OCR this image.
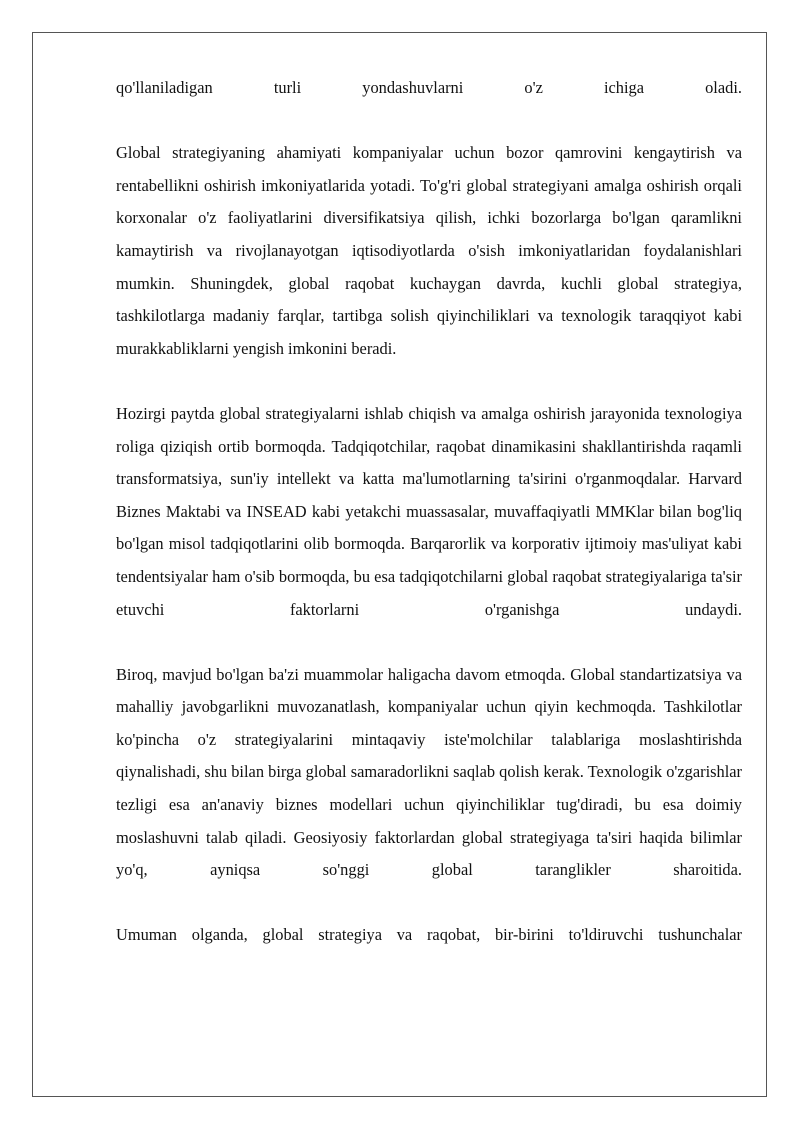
qo'llaniladigan turli yondashuvlarni o'z ichiga oladi.

Global strategiyaning ahamiyati kompaniyalar uchun bozor qamrovini kengaytirish va rentabellikni oshirish imkoniyatlarida yotadi. To'g'ri global strategiyani amalga oshirish orqali korxonalar o'z faoliyatlarini diversifikatsiya qilish, ichki bozorlarga bo'lgan qaramlikni kamaytirish va rivojlanayotgan iqtisodiyotlarda o'sish imkoniyatlaridan foydalanishlari mumkin. Shuningdek, global raqobat kuchaygan davrda, kuchli global strategiya, tashkilotlarga madaniy farqlar, tartibga solish qiyinchiliklari va texnologik taraqqiyot kabi murakkabliklarni yengish imkonini beradi.

Hozirgi paytda global strategiyalarni ishlab chiqish va amalga oshirish jarayonida texnologiya roliga qiziqish ortib bormoqda. Tadqiqotchilar, raqobat dinamikasini shakllantirishda raqamli transformatsiya, sun'iy intellekt va katta ma'lumotlarning ta'sirini o'rganmoqdalar. Harvard Biznes Maktabi va INSEAD kabi yetakchi muassasalar, muvaffaqiyatli MMKlar bilan bog'liq bo'lgan misol tadqiqotlarini olib bormoqda. Barqarorlik va korporativ ijtimoiy mas'uliyat kabi tendentsiyalar ham o'sib bormoqda, bu esa tadqiqotchilarni global raqobat strategiyalariga ta'sir etuvchi faktorlarni o'rganishga undaydi.

Biroq, mavjud bo'lgan ba'zi muammolar haligacha davom etmoqda. Global standartizatsiya va mahalliy javobgarlikni muvozanatlash, kompaniyalar uchun qiyin kechmoqda. Tashkilotlar ko'pincha o'z strategiyalarini mintaqaviy iste'molchilar talablariga moslashtirishda qiynalishadi, shu bilan birga global samaradorlikni saqlab qolish kerak. Texnologik o'zgarishlar tezligi esa an'anaviy biznes modellari uchun qiyinchiliklar tug'diradi, bu esa doimiy moslashuvni talab qiladi. Geosiyosiy faktorlardan global strategiyaga ta'siri haqida bilimlar yo'q, ayniqsa so'nggi global taranglikler sharoitida.

Umuman olganda, global strategiya va raqobat, bir-birini to'ldiruvchi tushunchalar
